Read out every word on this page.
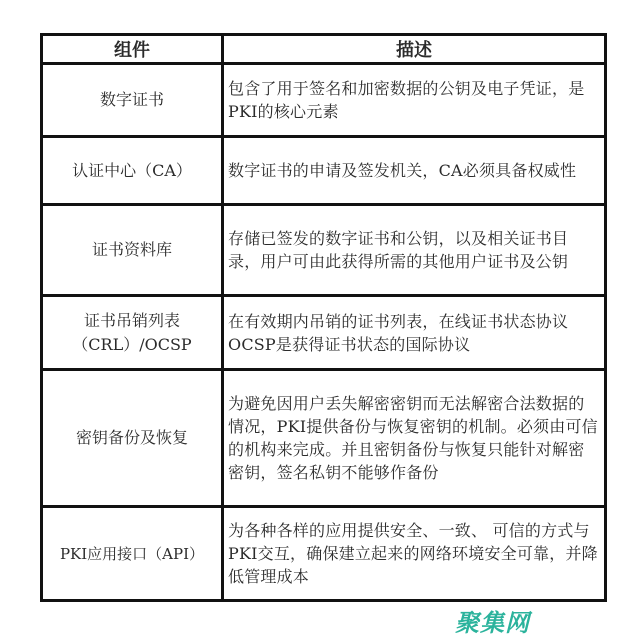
组件	描述
数字证书	包含了用于签名和加密数据的公钥及电子凭证，是PKI的核心元素
认证中心（CA）	数字证书的申请及签发机关，CA必须具备权威性
证书资料库	存储已签发的数字证书和公钥，以及相关证书目录，用户可由此获得所需的其他用户证书及公钥
证书吊销列表（CRL）/OCSP	在有效期内吊销的证书列表，在线证书状态协议OCSP是获得证书状态的国际协议
密钥备份及恢复	为避免因用户丢失解密密钥而无法解密合法数据的情况，PKI提供备份与恢复密钥的机制。必须由可信的机构来完成。并且密钥备份与恢复只能针对解密密钥，签名私钥不能够作备份
PKI应用接口（API）	为各种各样的应用提供安全、一致、 可信的方式与PKI交互，确保建立起来的网络环境安全可靠，并降低管理成本
聚集网
